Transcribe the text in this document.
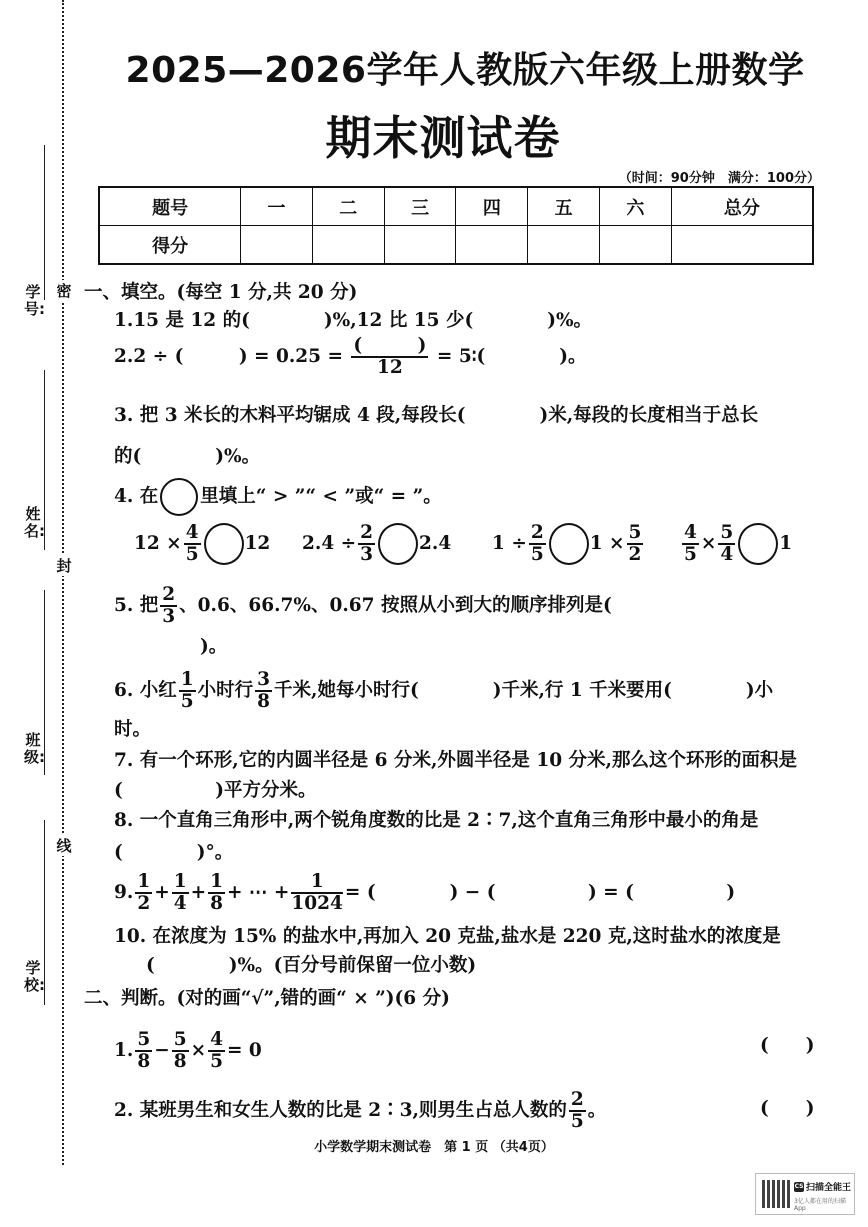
学号:
姓名:
班级:
学校:
密
封
线
2025—2026学年人教版六年级上册数学
期末测试卷
（时间：90分钟　满分：100分）
题号	一	二	三	四	五	六	总分
得分							
一、填空。(每空 1 分,共 20 分)
1.15 是 12 的(　　　　)%,12 比 15 少(　　　　)%。
2.2 ÷ (　　　) = $0.25 = \frac{( )}{12}$ = 5∶(　　　　)。
3. 把 3 米长的木料平均锯成 4 段,每段长(　　　　)米,每段的长度相当于总长
的(　　　　)%。
4. 在 里填上“ > ”“ < ”或“ = ”。
$12 \times \frac{4}{5} 12$ $2.4 \div \frac{2}{3} 2.4$ $1 \div \frac{2}{5} 1 \times \frac{5}{2} \frac{4}{5} \times \frac{5}{4} 1$
5. 把 $\frac{2}{3}$ 、0.6、66.7%、0.67 按照从小到大的顺序排列是(
)。
6. 小红 $\frac{1}{5}$ 小时行 $\frac{3}{8}$ 千米,她每小时行(　　　　)千米,行 1 千米要用(　　　　)小
时。
7. 有一个环形,它的内圆半径是 6 分米,外圆半径是 10 分米,那么这个环形的面积是
(　　　　　)平方分米。
8. 一个直角三角形中,两个锐角度数的比是 2∶7,这个直角三角形中最小的角是
(　　　　)°。
9. $\frac{1}{2} + \frac{1}{4} + \frac{1}{8}$ + ⋯ + $\frac{1}{1024}$ = (　　　　) − (　　　　　) = (　　　　　)
10. 在浓度为 15% 的盐水中,再加入 20 克盐,盐水是 220 克,这时盐水的浓度是
(　　　　)%。(百分号前保留一位小数)
二、判断。(对的画“√”,错的画“ × ”)(6 分)
1. $\frac{5}{8} - \frac{5}{8} \times \frac{4}{5} = 0$	(　　)
2. 某班男生和女生人数的比是 2∶3,则男生占总人数的 $\frac{2}{5}$ 。	(　　)
小学数学期末测试卷　第 1 页 （共4页）
CS 扫描全能王
3亿人都在用的扫描App
